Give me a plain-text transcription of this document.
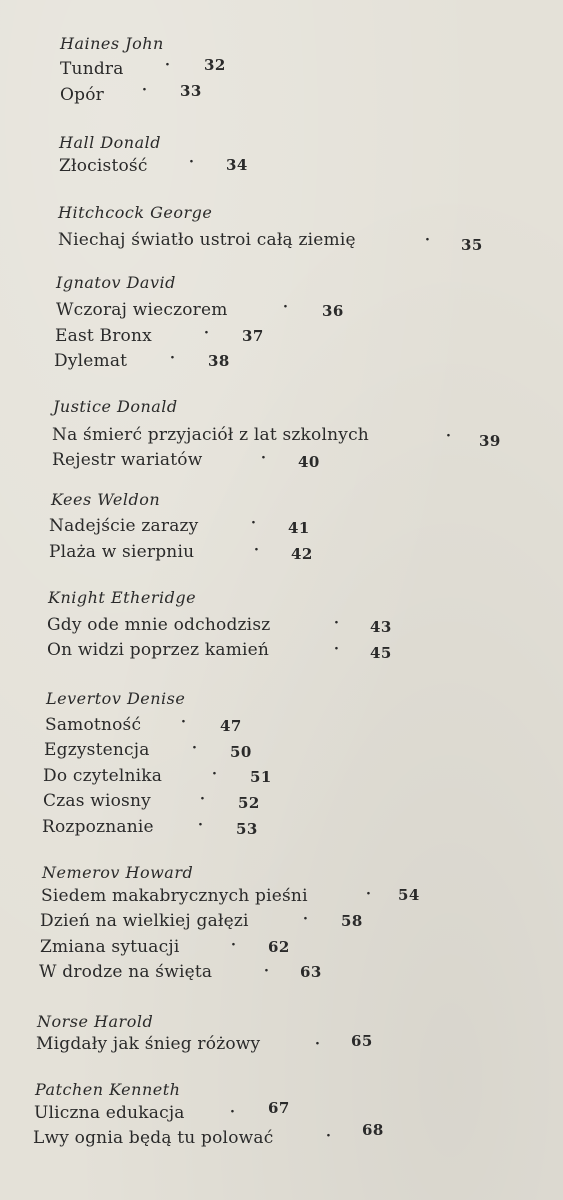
Haines John
Tundra	· 32
Opór	· 33
Hall Donald
Złocistość	· 34
Hitchcock George
Niechaj światło ustroi całą ziemię	· 35
Ignatov David
Wczoraj wieczorem	· 36
East Bronx	· 37
Dylemat	· 38
Justice Donald
Na śmierć przyjaciół z lat szkolnych	· 39
Rejestr wariatów	· 40
Kees Weldon
Nadejście zarazy	· 41
Plaża w sierpniu	· 42
Knight Etheridge
Gdy ode mnie odchodzisz	· 43
On widzi poprzez kamień	· 45
Levertov Denise
Samotność	· 47
Egzystencja	· 50
Do czytelnika	· 51
Czas wiosny	· 52
Rozpoznanie	· 53
Nemerov Howard
Siedem makabrycznych pieśni	· 54
Dzień na wielkiej gałęzi	· 58
Zmiana sytuacji	· 62
W drodze na święta	· 63
Norse Harold
Migdały jak śnieg różowy	· 65
Patchen Kenneth
Uliczna edukacja	· 67
Lwy ognia będą tu polować	· 68
